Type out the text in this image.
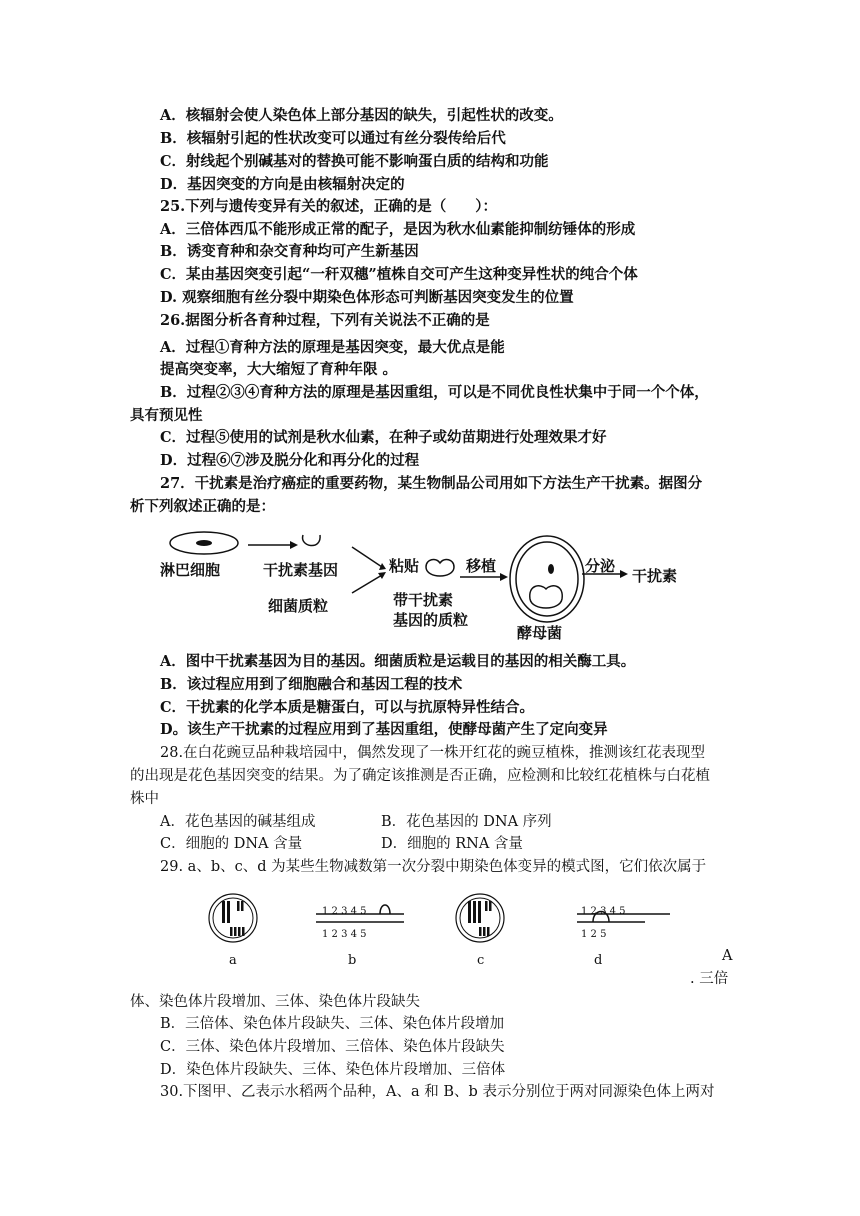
A．核辐射会使人染色体上部分基因的缺失，引起性状的改变。
B．核辐射引起的性状改变可以通过有丝分裂传给后代
C．射线起个别碱基对的替换可能不影响蛋白质的结构和功能
D．基因突变的方向是由核辐射决定的
25.下列与遗传变异有关的叙述，正确的是（　　）：
A．三倍体西瓜不能形成正常的配子，是因为秋水仙素能抑制纺锤体的形成
B．诱变育种和杂交育种均可产生新基因
C．某由基因突变引起“一秆双穗”植株自交可产生这种变异性状的纯合个体
D. 观察细胞有丝分裂中期染色体形态可判断基因突变发生的位置
26.据图分析各育种过程，下列有关说法不正确的是
A．过程①育种方法的原理是基因突变，最大优点是能
提高突变率，大大缩短了育种年限 。
B．过程②③④育种方法的原理是基因重组，可以是不同优良性状集中于同一个个体，
具有预见性
C．过程⑤使用的试剂是秋水仙素，在种子或幼苗期进行处理效果才好
D．过程⑥⑦涉及脱分化和再分化的过程
27．干扰素是治疗癌症的重要药物，某生物制品公司用如下方法生产干扰素。据图分
析下列叙述正确的是：
淋巴细胞	干扰素基因
细菌质粒
粘贴
带干扰素
基因的质粒
移植
酵母菌
分泌
干扰素
A．图中干扰素基因为目的基因。细菌质粒是运载目的基因的相关酶工具。
B．该过程应用到了细胞融合和基因工程的技术
C．干扰素的化学本质是糖蛋白，可以与抗原特异性结合。
D。该生产干扰素的过程应用到了基因重组，使酵母菌产生了定向变异
28.在白花豌豆品种栽培园中，偶然发现了一株开红花的豌豆植株，推测该红花表现型
的出现是花色基因突变的结果。为了确定该推测是否正确，应检测和比较红花植株与白花植
株中
A．花色基因的碱基组成	B．花色基因的 DNA 序列
C．细胞的 DNA 含量	D．细胞的 RNA 含量
29. a、b、c、d 为某些生物减数第一次分裂中期染色体变异的模式图，它们依次属于
a
1 2 3 4 5
1 2 3 4 5
b	c
1 2 3 4 5
1 2 5
d	A
. 三倍
体、染色体片段增加、三体、染色体片段缺失
B．三倍体、染色体片段缺失、三体、染色体片段增加
C．三体、染色体片段增加、三倍体、染色体片段缺失
D．染色体片段缺失、三体、染色体片段增加、三倍体
30.下图甲、乙表示水稻两个品种，A、a 和 B、b 表示分别位于两对同源染色体上两对
